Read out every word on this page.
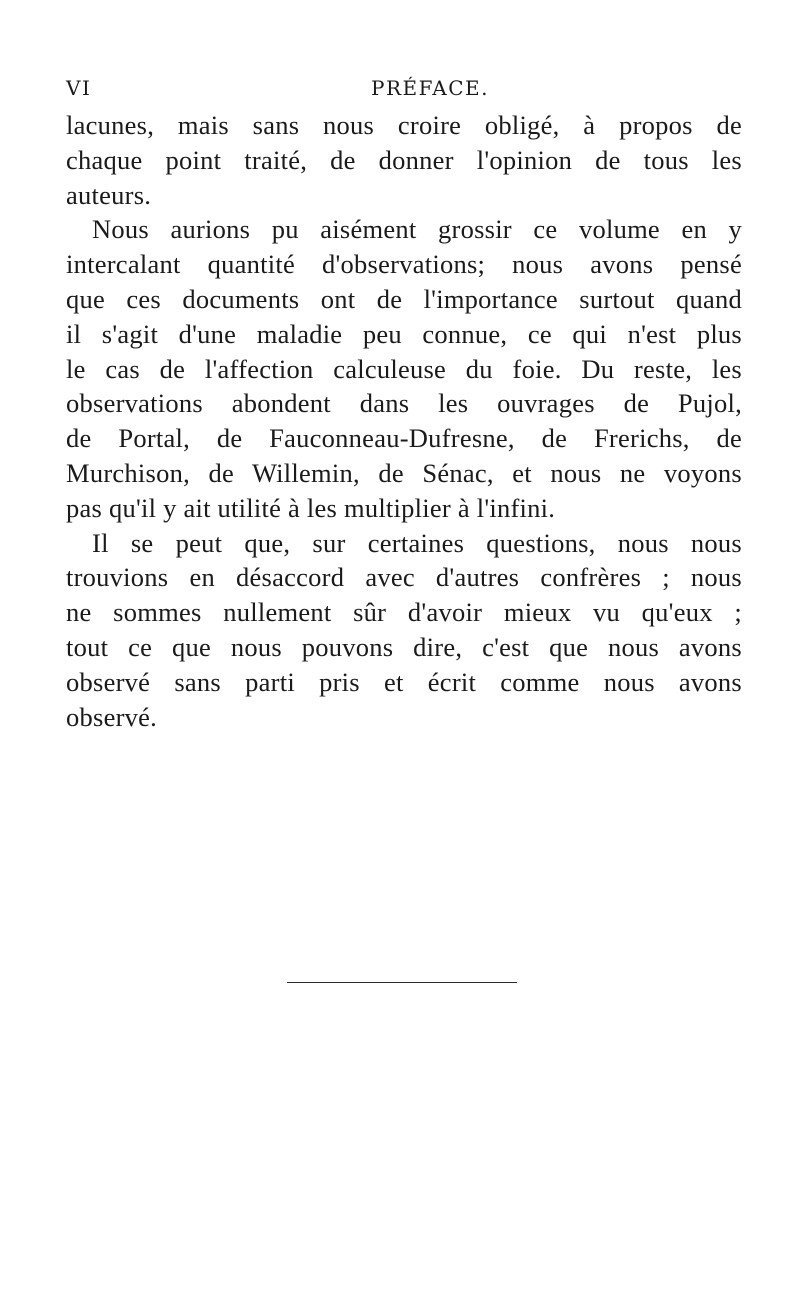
VI	PRÉFACE.
lacunes, mais sans nous croire obligé, à propos de
chaque point traité, de donner l'opinion de tous les
auteurs.
Nous aurions pu aisément grossir ce volume en y
intercalant quantité d'observations; nous avons pensé
que ces documents ont de l'importance surtout quand
il s'agit d'une maladie peu connue, ce qui n'est plus
le cas de l'affection calculeuse du foie. Du reste, les
observations abondent dans les ouvrages de Pujol,
de Portal, de Fauconneau-Dufresne, de Frerichs, de
Murchison, de Willemin, de Sénac, et nous ne voyons
pas qu'il y ait utilité à les multiplier à l'infini.
Il se peut que, sur certaines questions, nous nous
trouvions en désaccord avec d'autres confrères ; nous
ne sommes nullement sûr d'avoir mieux vu qu'eux ;
tout ce que nous pouvons dire, c'est que nous avons
observé sans parti pris et écrit comme nous avons
observé.
